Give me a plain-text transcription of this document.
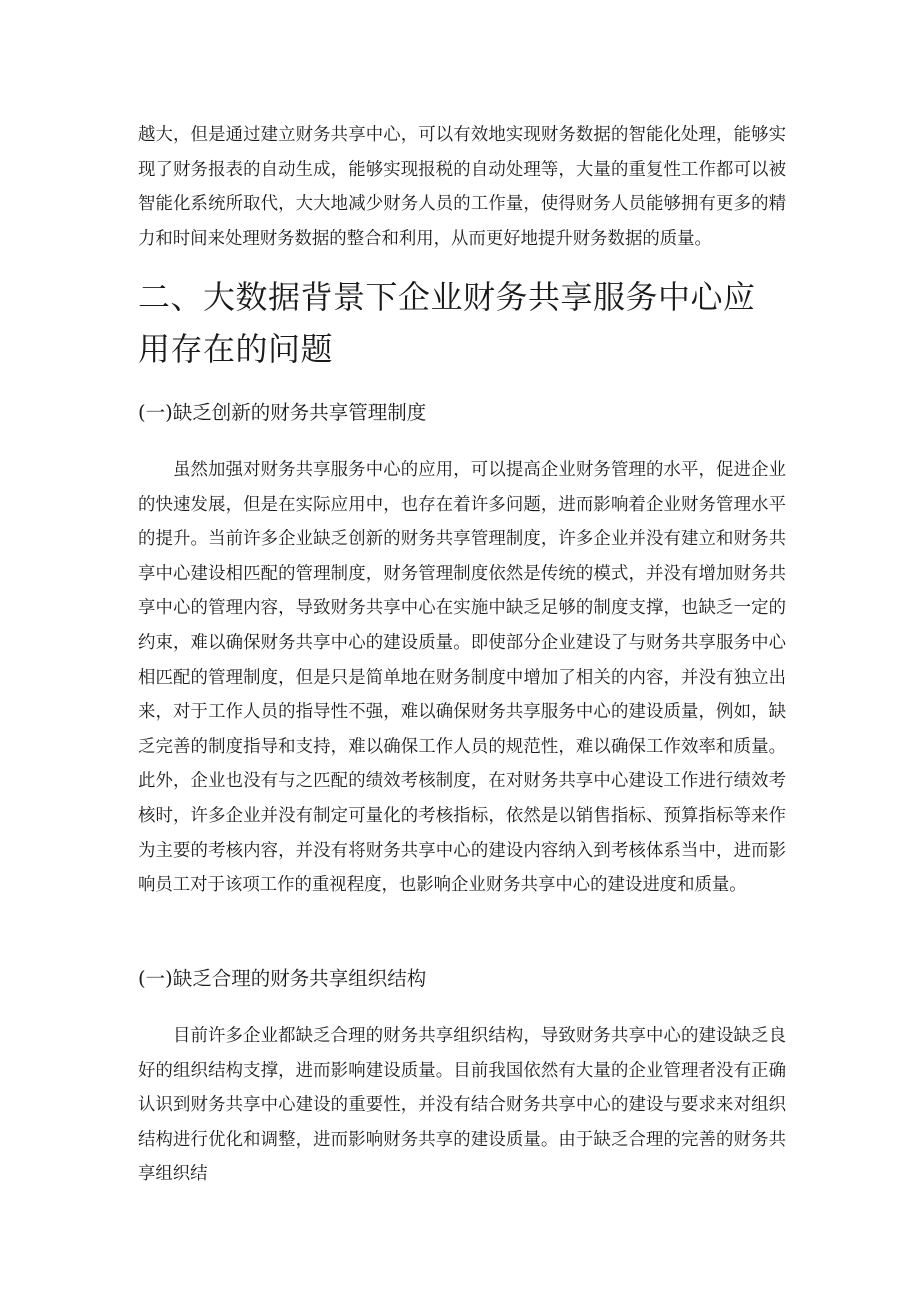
越大，但是通过建立财务共享中心，可以有效地实现财务数据的智能化处理，能够实现了财务报表的自动生成，能够实现报税的自动处理等，大量的重复性工作都可以被智能化系统所取代，大大地减少财务人员的工作量，使得财务人员能够拥有更多的精力和时间来处理财务数据的整合和利用，从而更好地提升财务数据的质量。

二、大数据背景下企业财务共享服务中心应用存在的问题
(一)缺乏创新的财务共享管理制度

虽然加强对财务共享服务中心的应用，可以提高企业财务管理的水平，促进企业的快速发展，但是在实际应用中，也存在着许多问题，进而影响着企业财务管理水平的提升。当前许多企业缺乏创新的财务共享管理制度，许多企业并没有建立和财务共享中心建设相匹配的管理制度，财务管理制度依然是传统的模式，并没有增加财务共享中心的管理内容，导致财务共享中心在实施中缺乏足够的制度支撑，也缺乏一定的约束，难以确保财务共享中心的建设质量。即使部分企业建设了与财务共享服务中心相匹配的管理制度，但是只是简单地在财务制度中增加了相关的内容，并没有独立出来，对于工作人员的指导性不强，难以确保财务共享服务中心的建设质量，例如，缺乏完善的制度指导和支持，难以确保工作人员的规范性，难以确保工作效率和质量。此外，企业也没有与之匹配的绩效考核制度，在对财务共享中心建设工作进行绩效考核时，许多企业并没有制定可量化的考核指标，依然是以销售指标、预算指标等来作为主要的考核内容，并没有将财务共享中心的建设内容纳入到考核体系当中，进而影响员工对于该项工作的重视程度，也影响企业财务共享中心的建设进度和质量。

(一)缺乏合理的财务共享组织结构

目前许多企业都缺乏合理的财务共享组织结构，导致财务共享中心的建设缺乏良好的组织结构支撑，进而影响建设质量。目前我国依然有大量的企业管理者没有正确认识到财务共享中心建设的重要性，并没有结合财务共享中心的建设与要求来对组织结构进行优化和调整，进而影响财务共享的建设质量。由于缺乏合理的完善的财务共享组织结
